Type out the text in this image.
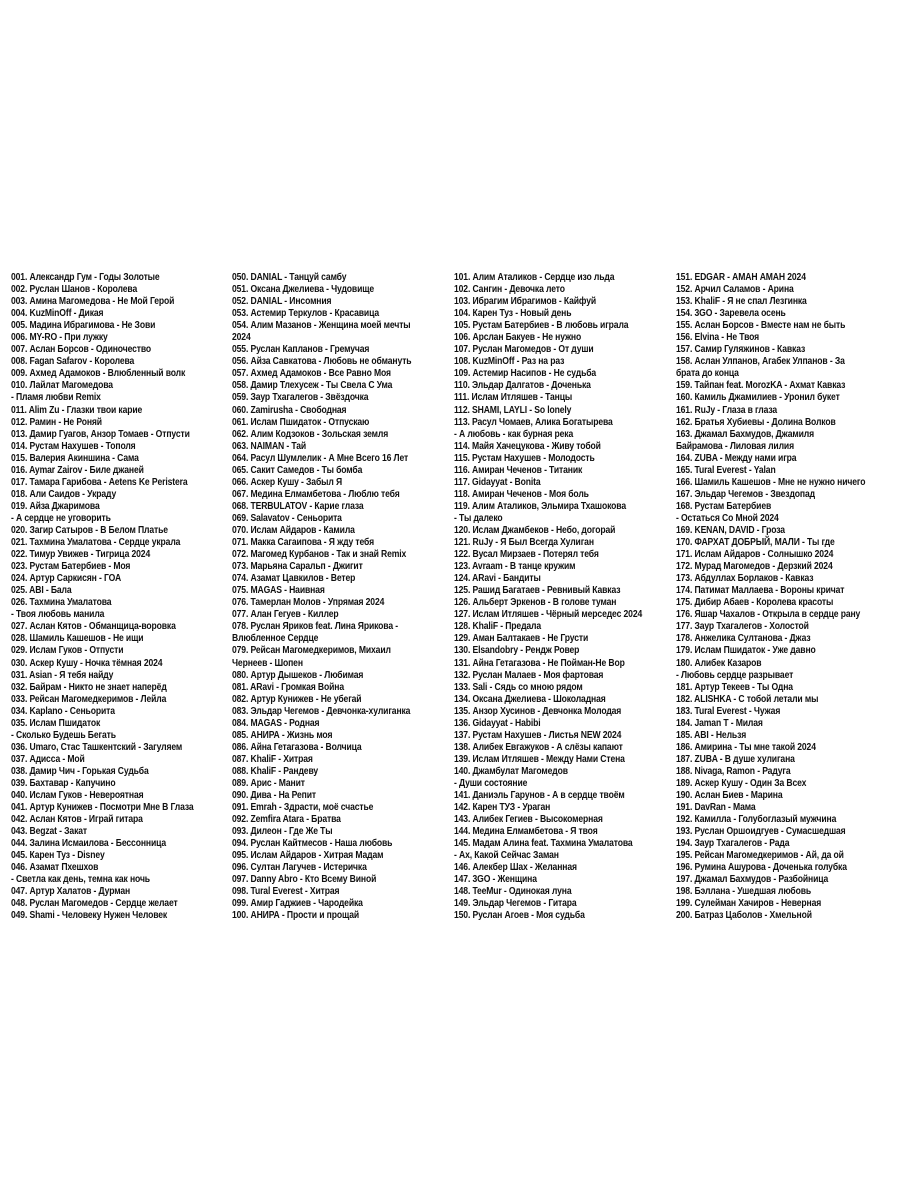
001. Александр Гум - Годы Золотые
002. Руслан Шанов - Королева
003. Амина Магомедова - Не Мой Герой
004. KuzMinOff - Дикая
005. Мадина Ибрагимова - Не Зови
006. MY-RO - При лужку
007. Аслан Борсов - Одиночество
008. Fagan Safarov - Королева
009. Ахмед Адамоков - Влюбленный волк
010. Лайлат Магомедова
- Пламя любви Remix
011. Alim Zu - Глазки твои карие
012. Рамин - Не Роняй
013. Дамир Гуагов, Анзор Томаев - Отпусти
014. Рустам Нахушев - Тополя
015. Валерия Акиншина - Сама
016. Aymar Zairov - Биле джаней
017. Тамара Гарибова - Aetens Ke Peristera
018. Али Саидов - Украду
019. Айза Джаримова
- А сердце не уговорить
020. Загир Сатыров - В Белом Платье
021. Тахмина Умалатова - Сердце украла
022. Тимур Увижев - Тигрица 2024
023. Рустам Батербиев - Моя
024. Артур Саркисян - ГОА
025. ABI - Бала
026. Тахмина Умалатова
- Твоя любовь манила
027. Аслан Кятов - Обманщица-воровка
028. Шамиль Кашешов - Не ищи
029. Ислам Гуков - Отпусти
030. Аскер Кушу - Ночка тёмная 2024
031. Asian - Я тебя найду
032. Байрам - Никто не знает наперёд
033. Рейсан Магомедкеримов - Лейла
034. Kaplano - Сеньорита
035. Ислам Пшидаток
- Сколько Будешь Бегать
036. Umaro, Стас Ташкентский - Загуляем
037. Адисса - Мой
038. Дамир Чич - Горькая Судьба
039. Бахтавар - Капучино
040. Ислам Гуков - Невероятная
041. Артур Кунижев - Посмотри Мне В Глаза
042. Аслан Кятов - Играй гитара
043. Begzat - Закат
044. Залина Исмаилова - Бессонница
045. Карен Туз - Disney
046. Азамат Пхешхов
- Светла как день, темна как ночь
047. Артур Халатов - Дурман
048. Руслан Магомедов - Сердце желает
049. Shami - Человеку Нужен Человек
050. DANIAL - Танцуй самбу
051. Оксана Джелиева - Чудовище
052. DANIAL - Инсомния
053. Астемир Теркулов - Красавица
054. Алим Мазанов - Женщина моей мечты
2024
055. Руслан Капланов - Гремучая
056. Айза Савкатова - Любовь не обмануть
057. Ахмед Адамоков - Все Равно Моя
058. Дамир Тлехусеж - Ты Свела С Ума
059. Заур Тхагалегов - Звёздочка
060. Zamirusha - Свободная
061. Ислам Пшидаток - Отпускаю
062. Алим Кодзоков - Зольская земля
063. NAIMAN - Тай
064. Расул Шумлелик - А Мне Всего 16 Лет
065. Сакит Самедов - Ты бомба
066. Аскер Кушу - Забыл Я
067. Медина Елмамбетова - Люблю тебя
068. TERBULATOV - Карие глаза
069. Salavatov - Сеньорита
070. Ислам Айдаров - Камила
071. Макка Сагаипова - Я жду тебя
072. Магомед Курбанов - Так и знай Remix
073. Марьяна Саральп - Джигит
074. Азамат Цавкилов - Ветер
075. MAGAS - Наивная
076. Тамерлан Молов - Упрямая 2024
077. Алан Гегуев - Киллер
078. Руслан Яриков feat. Лина Ярикова -
Влюбленное Сердце
079. Рейсан Магомедкеримов, Михаил
Чернеев - Шопен
080. Артур Дышеков - Любимая
081. ARavi - Громкая Война
082. Артур Кунижев - Не убегай
083. Эльдар Чегемов - Девчонка-хулиганка
084. MAGAS - Родная
085. АНИРА - Жизнь моя
086. Айна Гетагазова - Волчица
087. KhaliF - Хитрая
088. KhaliF - Рандеву
089. Арис - Манит
090. Дива - На Репит
091. Emrah - Здрасти, моё счастье
092. Zemfira Atara - Братва
093. Дилеон - Где Же Ты
094. Руслан Кайтмесов - Наша любовь
095. Ислам Айдаров - Хитрая Мадам
096. Султан Лагучев - Истеричка
097. Danny Abro - Кто Всему Виной
098. Tural Everest - Хитрая
099. Амир Гаджиев - Чародейка
100. АНИРА - Прости и прощай
101. Алим Аталиков - Сердце изо льда
102. Сангин - Девочка лето
103. Ибрагим Ибрагимов - Кайфуй
104. Карен Туз - Новый день
105. Рустам Батербиев - В любовь играла
106. Арслан Бакуев - Не нужно
107. Руслан Магомедов - От души
108. KuzMinOff - Раз на раз
109. Астемир Насипов - Не судьба
110. Эльдар Далгатов - Доченька
111. Ислам Итляшев - Танцы
112. SHAMI, LAYLI - So lonely
113. Расул Чомаев, Алика Богатырева
- А любовь - как бурная река
114. Майя Хачецукова - Живу тобой
115. Рустам Нахушев - Молодость
116. Амиран Чеченов - Титаник
117. Gidayyat - Bonita
118. Амиран Чеченов - Моя боль
119. Алим Аталиков, Эльмира Тхашокова
- Ты далеко
120. Ислам Джамбеков - Небо, догорай
121. RuJy - Я Был Всегда Хулиган
122. Вусал Мирзаев - Потерял тебя
123. Avraam - В танце кружим
124. ARavi - Бандиты
125. Рашид Багатаев - Ревнивый Кавказ
126. Альберт Эркенов - В голове туман
127. Ислам Итляшев - Чёрный мерседес 2024
128. KhaliF - Предала
129. Аман Балтакаев - Не Грусти
130. Elsandobry - Рендж Ровер
131. Айна Гетагазова - Не Пойман-Не Вор
132. Руслан Малаев - Моя фартовая
133. Sali - Сядь со мною рядом
134. Оксана Джелиева - Шоколадная
135. Анзор Хусинов - Девчонка Молодая
136. Gidayyat - Habibi
137. Рустам Нахушев - Листья NEW 2024
138. Алибек Евгажуков - А слёзы капают
139. Ислам Итляшев - Между Нами Стена
140. Джамбулат Магомедов
- Души состояние
141. Даниэль Гарунов - А в сердце твоём
142. Карен ТУЗ - Ураган
143. Алибек Гегиев - Высокомерная
144. Медина Елмамбетова - Я твоя
145. Мадам Алина feat. Тахмина Умалатова
- Ах, Какой Сейчас Заман
146. Алекбер Шах - Желанная
147. 3GO - Женщина
148. TeeMur - Одинокая луна
149. Эльдар Чегемов - Гитара
150. Руслан Агоев - Моя судьба
151. EDGAR - АМАН АМАН 2024
152. Арчил Саламов - Арина
153. KhaliF - Я не спал Лезгинка
154. 3GO - Заревела осень
155. Аслан Борсов - Вместе нам не быть
156. Elvina - Не Твоя
157. Самир Гуляжинов - Кавказ
158. Аслан Улпанов, Агабек Улпанов - За
брата до конца
159. Тайпан feat. MorozKA - Ахмат Кавказ
160. Камиль Джамилиев - Уронил букет
161. RuJy - Глаза в глаза
162. Братья Хубиевы - Долина Волков
163. Джамал Бахмудов, Джамиля
Байрамова - Лиловая лилия
164. ZUBA - Между нами игра
165. Tural Everest - Yalan
166. Шамиль Кашешов - Мне не нужно ничего
167. Эльдар Чегемов - Звездопад
168. Рустам Батербиев
- Остаться Со Мной 2024
169. KENAN, DAVID - Гроза
170. ФАРХАТ ДОБРЫЙ, МАЛИ - Ты где
171. Ислам Айдаров - Солнышко 2024
172. Мурад Магомедов - Дерзкий 2024
173. Абдуллах Борлаков - Кавказ
174. Патимат Маллаева - Вороны кричат
175. Дибир Абаев - Королева красоты
176. Яшар Чахалов - Открыла в сердце рану
177. Заур Тхагалегов - Холостой
178. Анжелика Султанова - Джаз
179. Ислам Пшидаток - Уже давно
180. Алибек Казаров
- Любовь сердце разрывает
181. Артур Текеев - Ты Одна
182. ALISHKA - С тобой летали мы
183. Tural Everest - Чужая
184. Jaman T - Милая
185. ABI - Нельзя
186. Амирина - Ты мне такой 2024
187. ZUBA - В душе хулигана
188. Nivaga, Ramon - Радуга
189. Аскер Кушу - Один За Всех
190. Аслан Биев - Марина
191. DavRan - Мама
192. Камилла - Голубоглазый мужчина
193. Руслан Оршоидгуев - Сумасшедшая
194. Заур Тхагалегов - Рада
195. Рейсан Магомедкеримов - Ай, да ой
196. Румина Ашурова - Доченька голубка
197. Джамал Бахмудов - Разбойница
198. Бэллана - Ушедшая любовь
199. Сулейман Хачиров - Неверная
200. Батраз Цаболов - Хмельной
